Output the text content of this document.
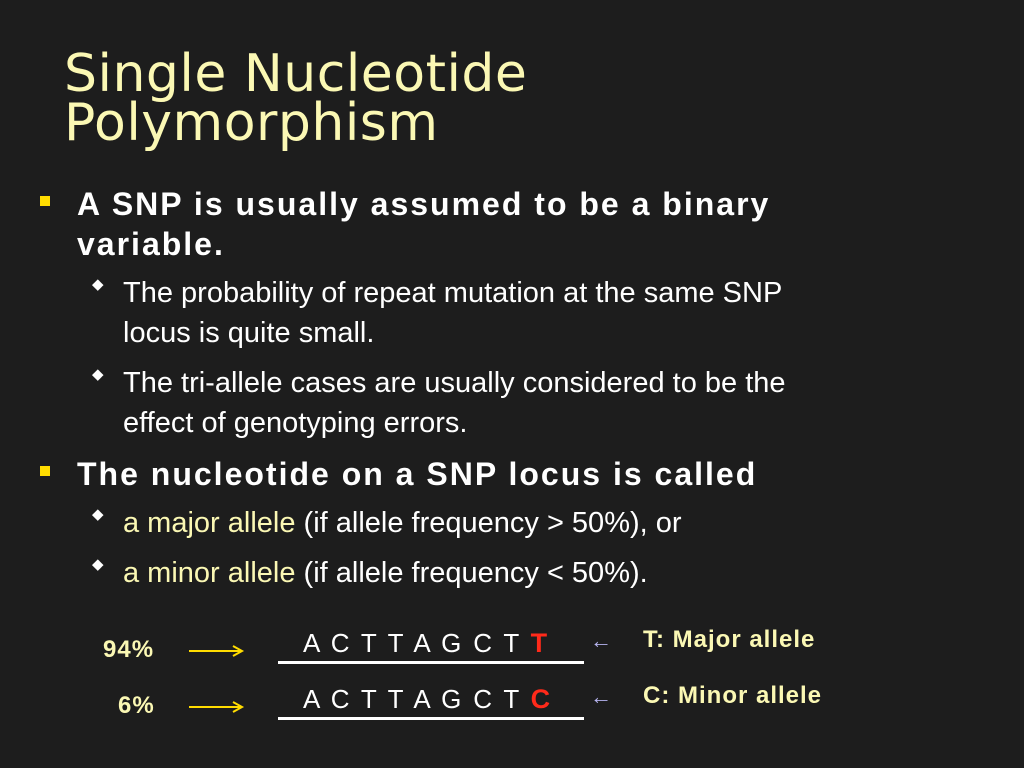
Single Nucleotide
Polymorphism
A SNP is usually assumed to be a binary
variable.
◆ The probability of repeat mutation at the same SNP
locus is quite small.
◆ The tri-allele cases are usually considered to be the
effect of genotyping errors.
The nucleotide on a SNP locus is called
◆ a major allele (if allele frequency > 50%), or
◆ a minor allele (if allele frequency < 50%).
94%	A C T T A G C T T ← T: Major allele
6%	A C T T A G C T C ← C: Minor allele
